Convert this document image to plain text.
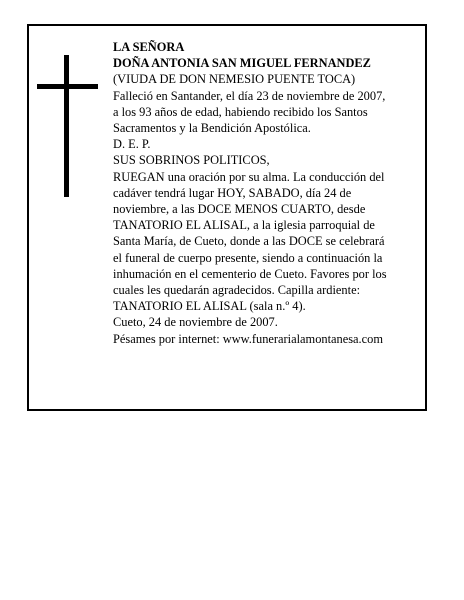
LA SEÑORA
DOÑA ANTONIA SAN MIGUEL FERNANDEZ
(VIUDA DE DON NEMESIO PUENTE TOCA)
Falleció en Santander, el día 23 de noviembre de 2007,
a los 93 años de edad, habiendo recibido los Santos
Sacramentos y la Bendición Apostólica.
D. E. P.
SUS SOBRINOS POLITICOS,
RUEGAN una oración por su alma. La conducción del
cadáver tendrá lugar HOY, SABADO, día 24 de
noviembre, a las DOCE MENOS CUARTO, desde
TANATORIO EL ALISAL, a la iglesia parroquial de
Santa María, de Cueto, donde a las DOCE se celebrará
el funeral de cuerpo presente, siendo a continuación la
inhumación en el cementerio de Cueto. Favores por los
cuales les quedarán agradecidos. Capilla ardiente:
TANATORIO EL ALISAL (sala n.º 4).
Cueto, 24 de noviembre de 2007.
Pésames por internet: www.funerarialamontanesa.com
